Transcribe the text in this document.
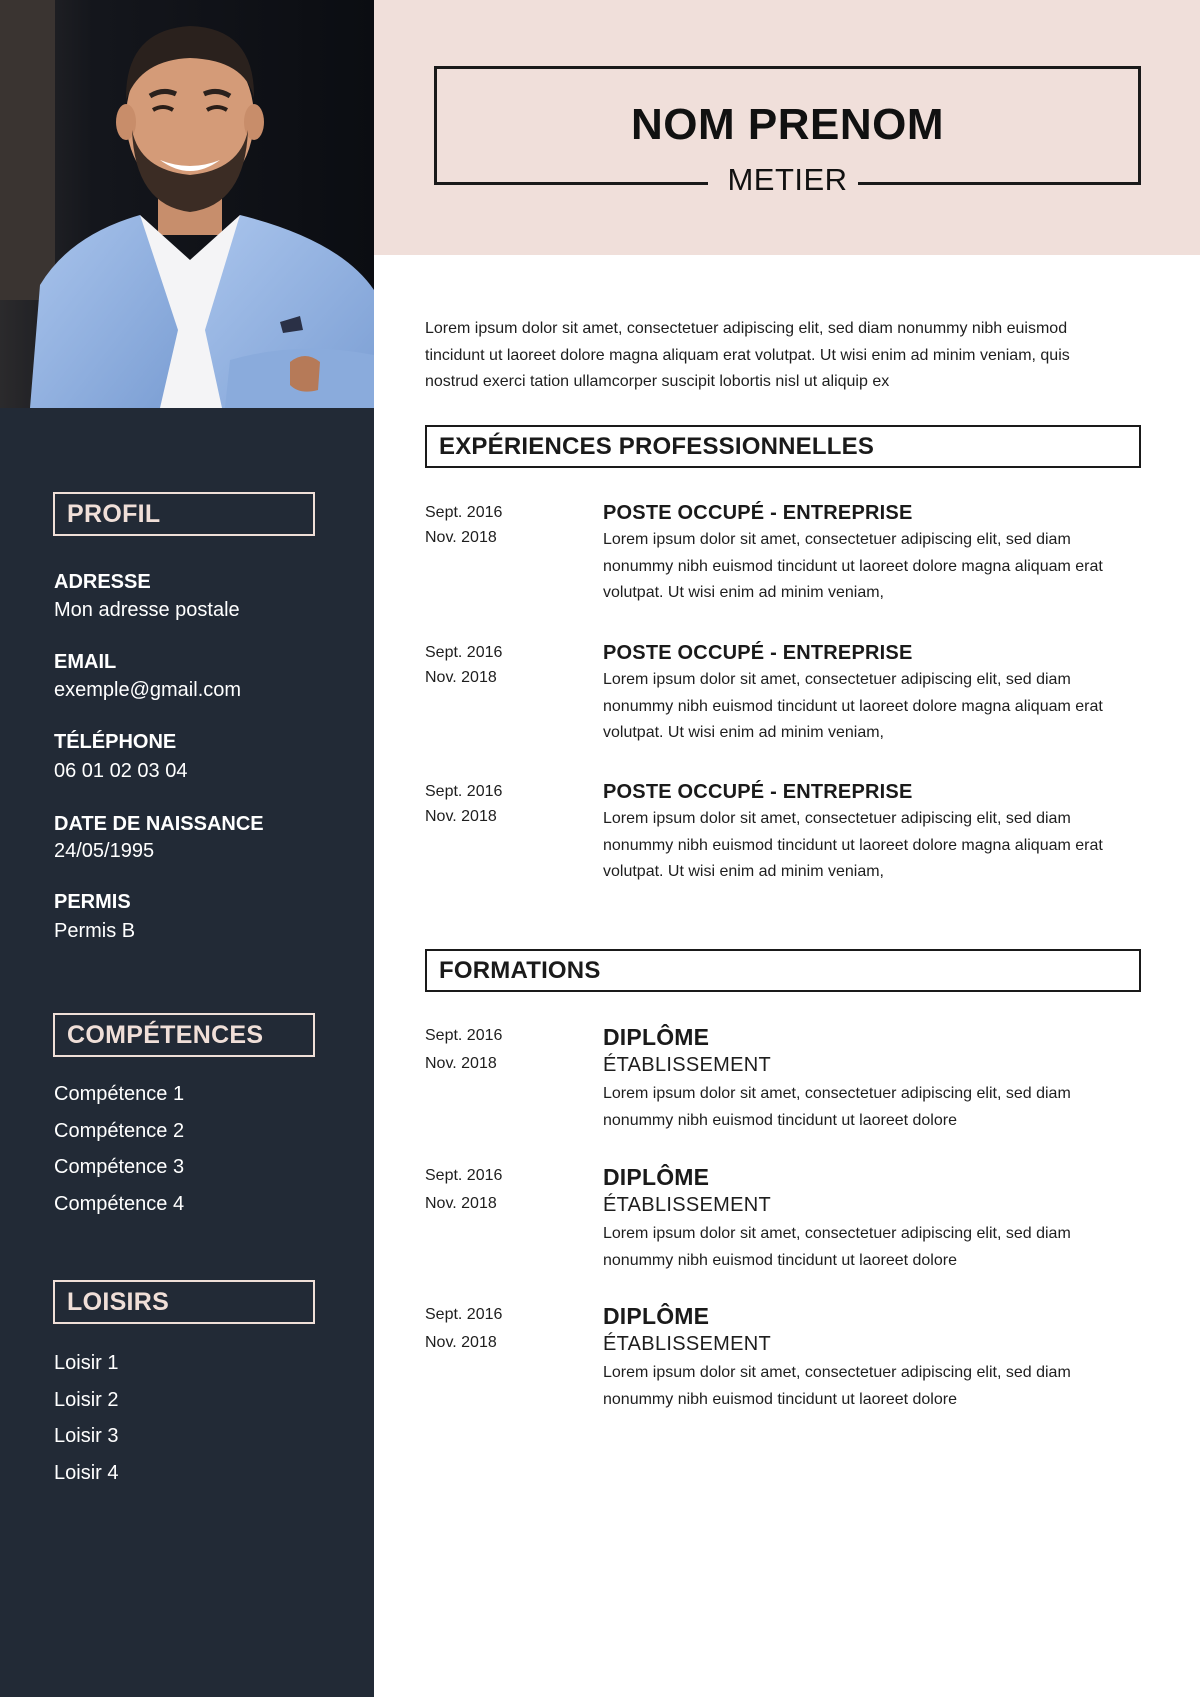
PROFIL
ADRESSE
Mon adresse postale
EMAIL
exemple@gmail.com
TÉLÉPHONE
06 01 02 03 04
DATE DE NAISSANCE
24/05/1995
PERMIS
Permis B
COMPÉTENCES
Compétence 1
Compétence 2
Compétence 3
Compétence 4
LOISIRS
Loisir 1
Loisir 2
Loisir 3
Loisir 4
NOM PRENOM
METIER
Lorem ipsum dolor sit amet, consectetuer adipiscing elit, sed diam nonummy nibh euismod tincidunt ut laoreet dolore magna aliquam erat volutpat. Ut wisi enim ad minim veniam, quis nostrud exerci tation ullamcorper suscipit lobortis nisl ut aliquip ex
EXPÉRIENCES PROFESSIONNELLES
Sept. 2016
Nov. 2018
POSTE OCCUPÉ - ENTREPRISE
Lorem ipsum dolor sit amet, consectetuer adipiscing elit, sed diam nonummy nibh euismod tincidunt ut laoreet dolore magna aliquam erat volutpat. Ut wisi enim ad minim veniam,
Sept. 2016
Nov. 2018
POSTE OCCUPÉ - ENTREPRISE
Lorem ipsum dolor sit amet, consectetuer adipiscing elit, sed diam nonummy nibh euismod tincidunt ut laoreet dolore magna aliquam erat volutpat. Ut wisi enim ad minim veniam,
Sept. 2016
Nov. 2018
POSTE OCCUPÉ - ENTREPRISE
Lorem ipsum dolor sit amet, consectetuer adipiscing elit, sed diam nonummy nibh euismod tincidunt ut laoreet dolore magna aliquam erat volutpat. Ut wisi enim ad minim veniam,
FORMATIONS
Sept. 2016
Nov. 2018
DIPLÔME
ÉTABLISSEMENT
Lorem ipsum dolor sit amet, consectetuer adipiscing elit, sed diam nonummy nibh euismod tincidunt ut laoreet dolore
Sept. 2016
Nov. 2018
DIPLÔME
ÉTABLISSEMENT
Lorem ipsum dolor sit amet, consectetuer adipiscing elit, sed diam nonummy nibh euismod tincidunt ut laoreet dolore
Sept. 2016
Nov. 2018
DIPLÔME
ÉTABLISSEMENT
Lorem ipsum dolor sit amet, consectetuer adipiscing elit, sed diam nonummy nibh euismod tincidunt ut laoreet dolore
